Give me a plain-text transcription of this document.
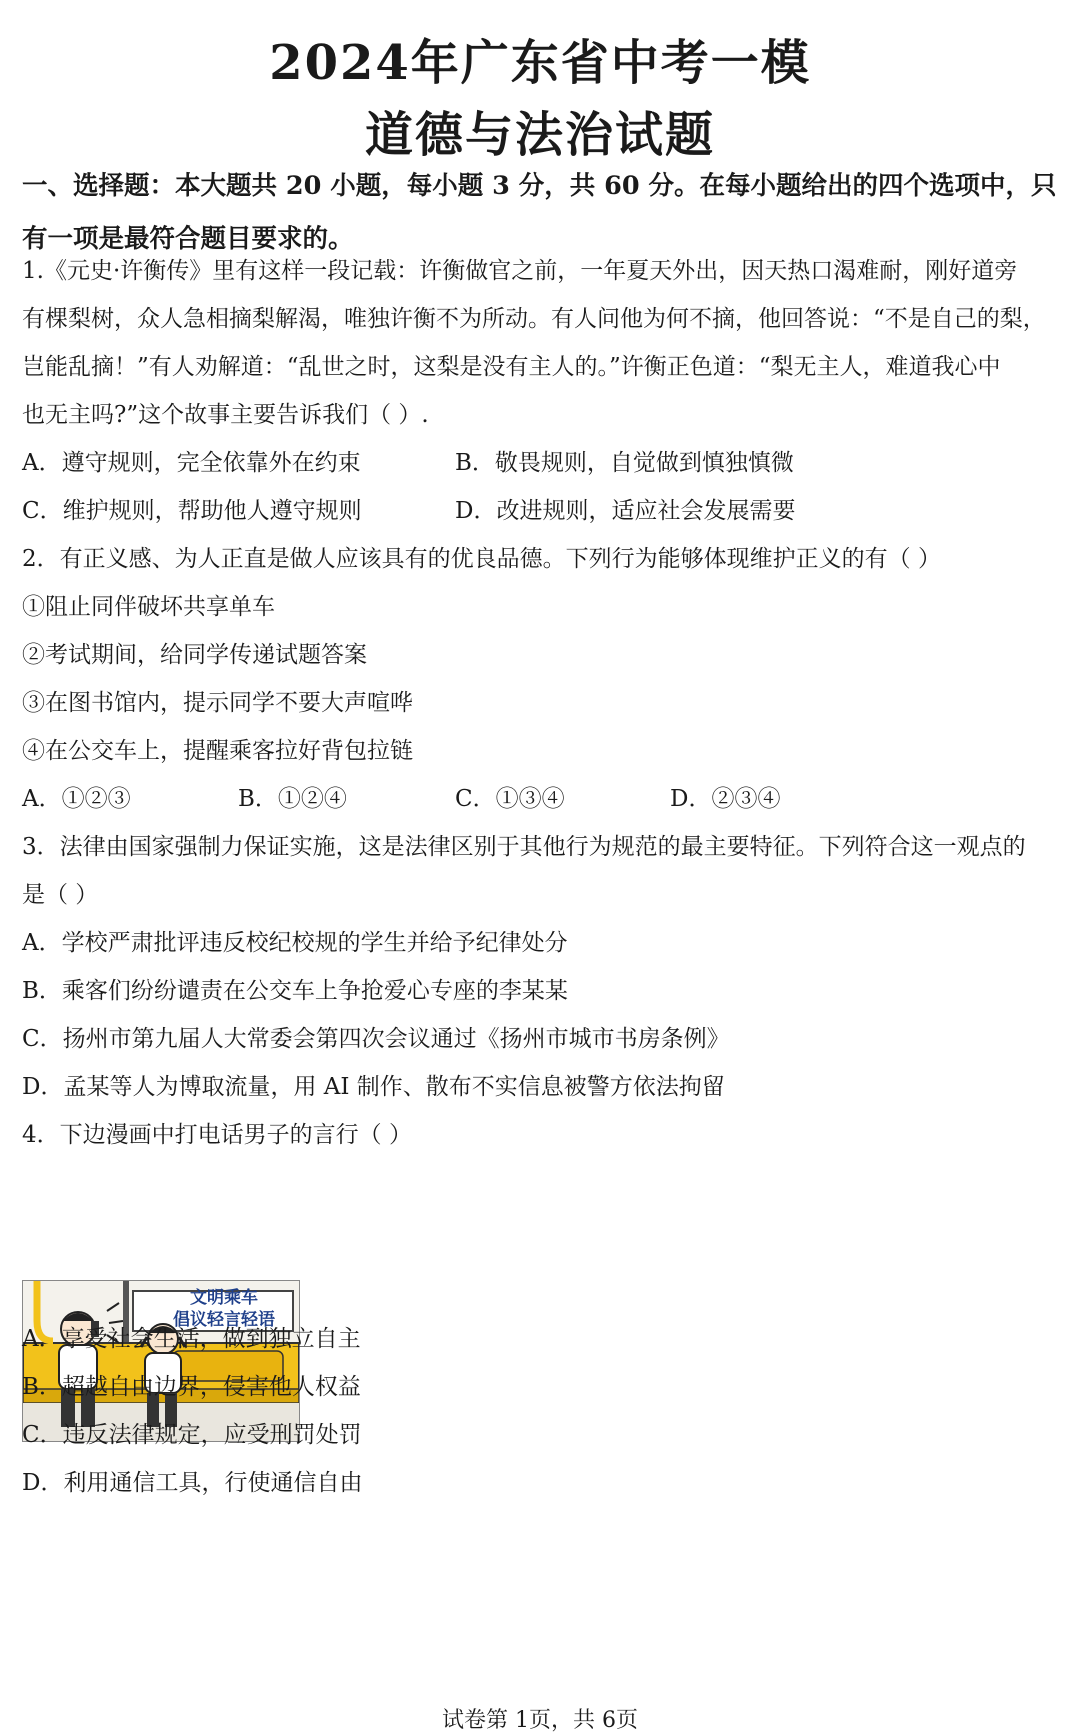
2024年广东省中考一模
道德与法治试题

一、选择题：本大题共 20 小题，每小题 3 分，共 60 分。在每小题给出的四个选项中，只有一项是最符合题目要求的。

1.《元史·许衡传》里有这样一段记载：许衡做官之前，一年夏天外出，因天热口渴难耐，刚好道旁

有棵梨树，众人急相摘梨解渴，唯独许衡不为所动。有人问他为何不摘，他回答说：“不是自己的梨，

岂能乱摘！”有人劝解道：“乱世之时，这梨是没有主人的。”许衡正色道：“梨无主人，难道我心中

也无主吗?”这个故事主要告诉我们（ ）.

A．遵守规则，完全依靠外在约束	B．敬畏规则，自觉做到慎独慎微
C．维护规则，帮助他人遵守规则	D．改进规则，适应社会发展需要

2．有正义感、为人正直是做人应该具有的优良品德。下列行为能够体现维护正义的有（ ）

①阻止同伴破坏共享单车

②考试期间，给同学传递试题答案

③在图书馆内，提示同学不要大声喧哗

④在公交车上，提醒乘客拉好背包拉链

A．①②③	B．①②④	C．①③④	D．②③④

3．法律由国家强制力保证实施，这是法律区别于其他行为规范的最主要特征。下列符合这一观点的

是（ ）

A．学校严肃批评违反校纪校规的学生并给予纪律处分

B．乘客们纷纷谴责在公交车上争抢爱心专座的李某某

C．扬州市第九届人大常委会第四次会议通过《扬州市城市书房条例》

D．孟某等人为博取流量，用 AI 制作、散布不实信息被警方依法拘留

4．下边漫画中打电话男子的言行（ ）

文明乘车
倡议轻言轻语

A．享受社会生活，做到独立自主

B．超越自由边界，侵害他人权益

C．违反法律规定，应受刑罚处罚

D．利用通信工具，行使通信自由

试卷第 1页，共 6页
